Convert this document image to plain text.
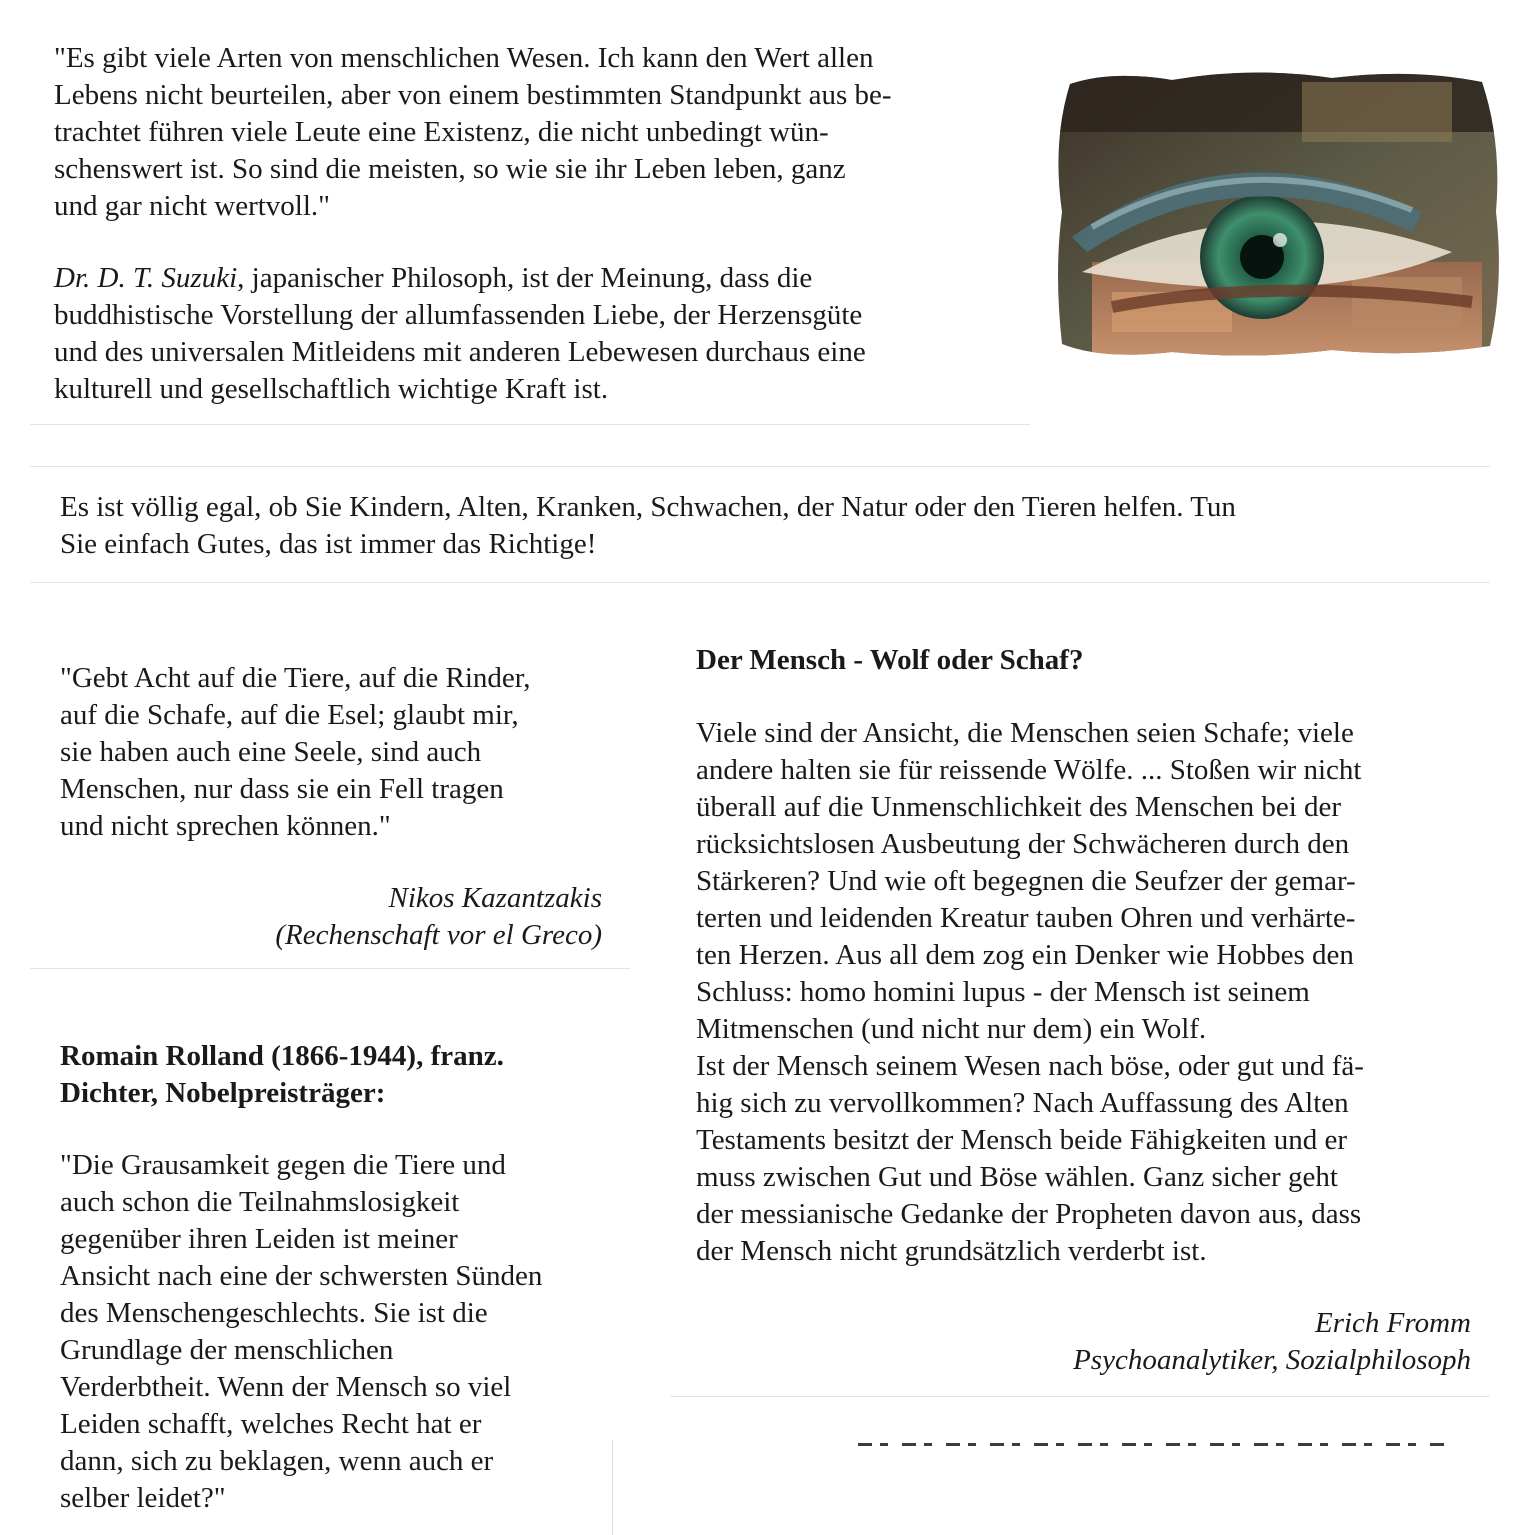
"Es gibt viele Arten von menschlichen Wesen. Ich kann den Wert allen
Lebens nicht beurteilen, aber von einem bestimmten Standpunkt aus be-
trachtet führen viele Leute eine Existenz, die nicht unbedingt wün-
schenswert ist. So sind die meisten, so wie sie ihr Leben leben, ganz
und gar nicht wertvoll."
Dr. D. T. Suzuki, japanischer Philosoph, ist der Meinung, dass die
buddhistische Vorstellung der allumfassenden Liebe, der Herzensgüte
und des universalen Mitleidens mit anderen Lebewesen durchaus eine
kulturell und gesellschaftlich wichtige Kraft ist.
Es ist völlig egal, ob Sie Kindern, Alten, Kranken, Schwachen, der Natur oder den Tieren helfen. Tun
Sie einfach Gutes, das ist immer das Richtige!
"Gebt Acht auf die Tiere, auf die Rinder,
auf die Schafe, auf die Esel; glaubt mir,
sie haben auch eine Seele, sind auch
Menschen, nur dass sie ein Fell tragen
und nicht sprechen können."
Nikos Kazantzakis
(Rechenschaft vor el Greco)
Romain Rolland (1866-1944), franz.
Dichter, Nobelpreisträger:
"Die Grausamkeit gegen die Tiere und
auch schon die Teilnahmslosigkeit
gegenüber ihren Leiden ist meiner
Ansicht nach eine der schwersten Sünden
des Menschengeschlechts. Sie ist die
Grundlage der menschlichen
Verderbtheit. Wenn der Mensch so viel
Leiden schafft, welches Recht hat er
dann, sich zu beklagen, wenn auch er
selber leidet?"
Der Mensch - Wolf oder Schaf?
Viele sind der Ansicht, die Menschen seien Schafe; viele
andere halten sie für reissende Wölfe. ... Stoßen wir nicht
überall auf die Unmenschlichkeit des Menschen bei der
rücksichtslosen Ausbeutung der Schwächeren durch den
Stärkeren? Und wie oft begegnen die Seufzer der gemar-
terten und leidenden Kreatur tauben Ohren und verhärte-
ten Herzen. Aus all dem zog ein Denker wie Hobbes den
Schluss: homo homini lupus - der Mensch ist seinem
Mitmenschen (und nicht nur dem) ein Wolf.
Ist der Mensch seinem Wesen nach böse, oder gut und fä-
hig sich zu vervollkommen? Nach Auffassung des Alten
Testaments besitzt der Mensch beide Fähigkeiten und er
muss zwischen Gut und Böse wählen. Ganz sicher geht
der messianische Gedanke der Propheten davon aus, dass
der Mensch nicht grundsätzlich verderbt ist.
Erich Fromm
Psychoanalytiker, Sozialphilosoph
